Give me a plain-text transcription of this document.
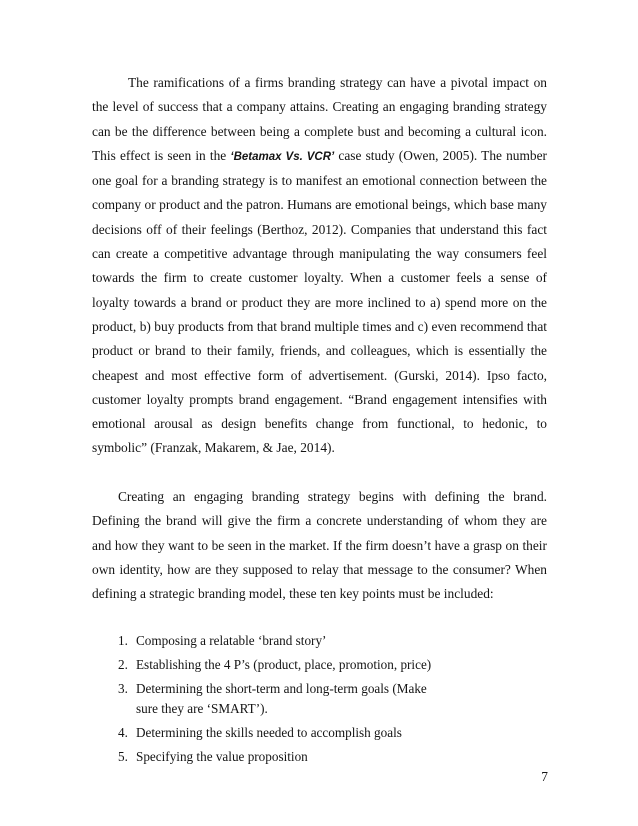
The ramifications of a firms branding strategy can have a pivotal impact on the level of success that a company attains. Creating an engaging branding strategy can be the difference between being a complete bust and becoming a cultural icon. This effect is seen in the ‘Betamax Vs. VCR’ case study (Owen, 2005). The number one goal for a branding strategy is to manifest an emotional connection between the company or product and the patron. Humans are emotional beings, which base many decisions off of their feelings (Berthoz, 2012). Companies that understand this fact can create a competitive advantage through manipulating the way consumers feel towards the firm to create customer loyalty. When a customer feels a sense of loyalty towards a brand or product they are more inclined to a) spend more on the product, b) buy products from that brand multiple times and c) even recommend that product or brand to their family, friends, and colleagues, which is essentially the cheapest and most effective form of advertisement. (Gurski, 2014). Ipso facto, customer loyalty prompts brand engagement. “Brand engagement intensifies with emotional arousal as design benefits change from functional, to hedonic, to symbolic” (Franzak, Makarem, & Jae, 2014).

Creating an engaging branding strategy begins with defining the brand. Defining the brand will give the firm a concrete understanding of whom they are and how they want to be seen in the market. If the firm doesn’t have a grasp on their own identity, how are they supposed to relay that message to the consumer? When defining a strategic branding model, these ten key points must be included:

1. Composing a relatable ‘brand story’
2. Establishing the 4 P’s (product, place, promotion, price)
3. Determining the short-term and long-term goals (Make sure they are ‘SMART’).
4. Determining the skills needed to accomplish goals
5. Specifying the value proposition
7
